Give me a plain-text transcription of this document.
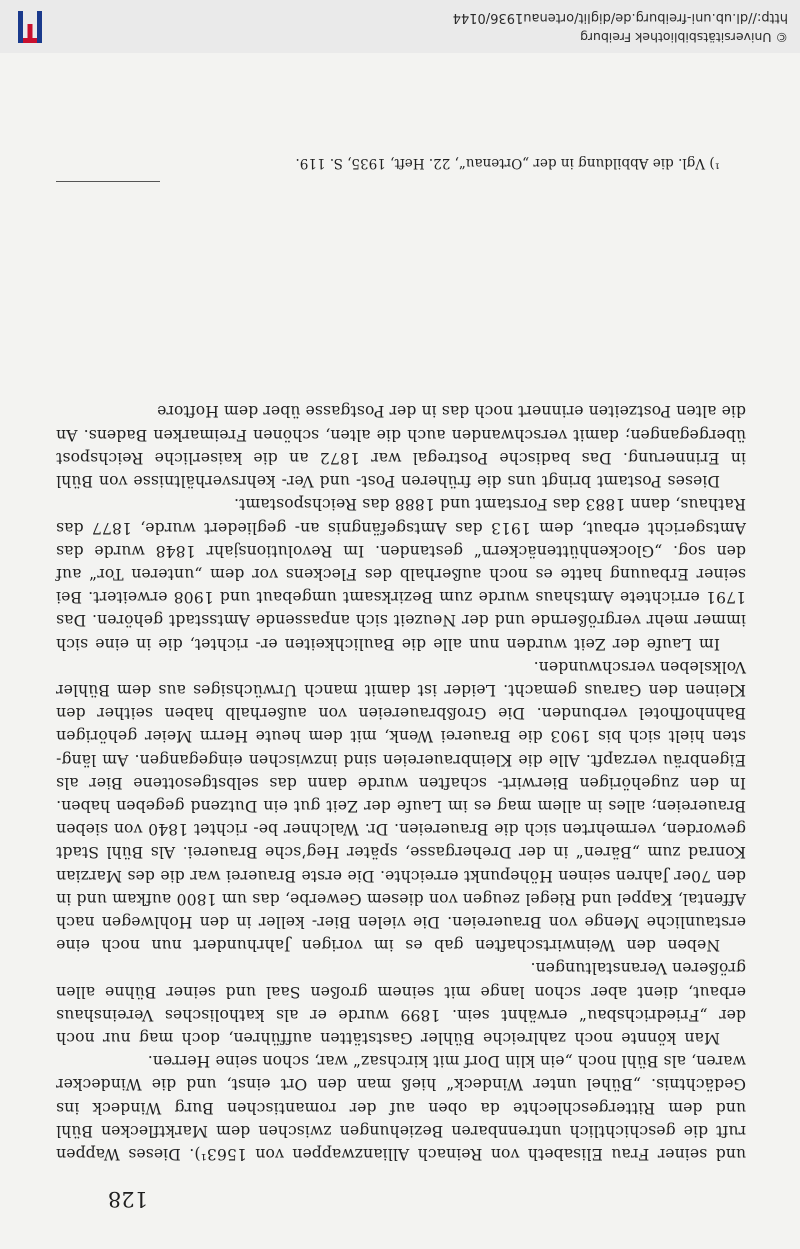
128

und seiner Frau Elisabeth von Reinach Allianzwappen von 1563¹). Dieses Wappen ruft die geschichtlich untrennbaren Beziehungen zwischen dem Marktflecken Bühl und dem Rittergeschlechte da oben auf der romantischen Burg Windeck ins Gedächtnis. „Bühel unter Windeck“ hieß man den Ort einst, und die Windecker waren, als Bühl noch „ein klin Dorf mit kirchsaz“ war, schon seine Herren.

Man könnte noch zahlreiche Bühler Gaststätten aufführen, doch mag nur noch der „Friedrichsbau“ erwähnt sein. 1899 wurde er als katholisches Vereinshaus erbaut, dient aber schon lange mit seinem großen Saal und seiner Bühne allen größeren Veranstaltungen.

Neben den Weinwirtschaften gab es im vorigen Jahrhundert nun noch eine erstaunliche Menge von Brauereien. Die vielen Bier- keller in den Hohlwegen nach Affental, Kappel und Riegel zeugen von diesem Gewerbe, das um 1800 aufkam und in den 70er Jahren seinen Höhepunkt erreichte. Die erste Brauerei war die des Marzian Konrad zum „Bären“ in der Drehergasse, später Heg’sche Brauerei. Als Bühl Stadt geworden, vermehrten sich die Brauereien. Dr. Walchner be- richtet 1840 von sieben Brauereien; alles in allem mag es im Laufe der Zeit gut ein Dutzend gegeben haben. In den zugehörigen Bierwirt- schaften wurde dann das selbstgesottene Bier als Eigenbräu verzapft. Alle die Kleinbrauereien sind inzwischen eingegangen. Am läng- sten hielt sich bis 1903 die Brauerei Wenk, mit dem heute Herrn Meier gehörigen Bahnhofhotel verbunden. Die Großbrauereien von außerhalb haben seither den Kleinen den Garaus gemacht. Leider ist damit manch Urwüchsiges aus dem Bühler Volksleben verschwunden.

Im Laufe der Zeit wurden nun alle die Baulichkeiten er- richtet, die in eine sich immer mehr vergrößernde und der Neuzeit sich anpassende Amtsstadt gehören. Das 1791 errichtete Amtshaus wurde zum Bezirksamt umgebaut und 1908 erweitert. Bei seiner Erbauung hatte es noch außerhalb des Fleckens vor dem „unteren Tor“ auf den sog. „Glockenhüttenäckern“ gestanden. Im Revolutionsjahr 1848 wurde das Amtsgericht erbaut, dem 1913 das Amtsgefängnis an- gegliedert wurde, 1877 das Rathaus, dann 1883 das Forstamt und 1888 das Reichspostamt.

Dieses Postamt bringt uns die früheren Post- und Ver- kehrsverhältnisse von Bühl in Erinnerung. Das badische Postregal war 1872 an die kaiserliche Reichspost übergegangen; damit verschwanden auch die alten, schönen Freimarken Badens. An die alten Postzeiten erinnert noch das in der Postgasse über dem Hoftore

¹) Vgl. die Abbildung in der „Ortenau“, 22. Heft, 1935, S. 119.
© Universitätsbibliothek Freiburg
http://dl.ub.uni-freiburg.de/diglit/ortenau1936/0144
